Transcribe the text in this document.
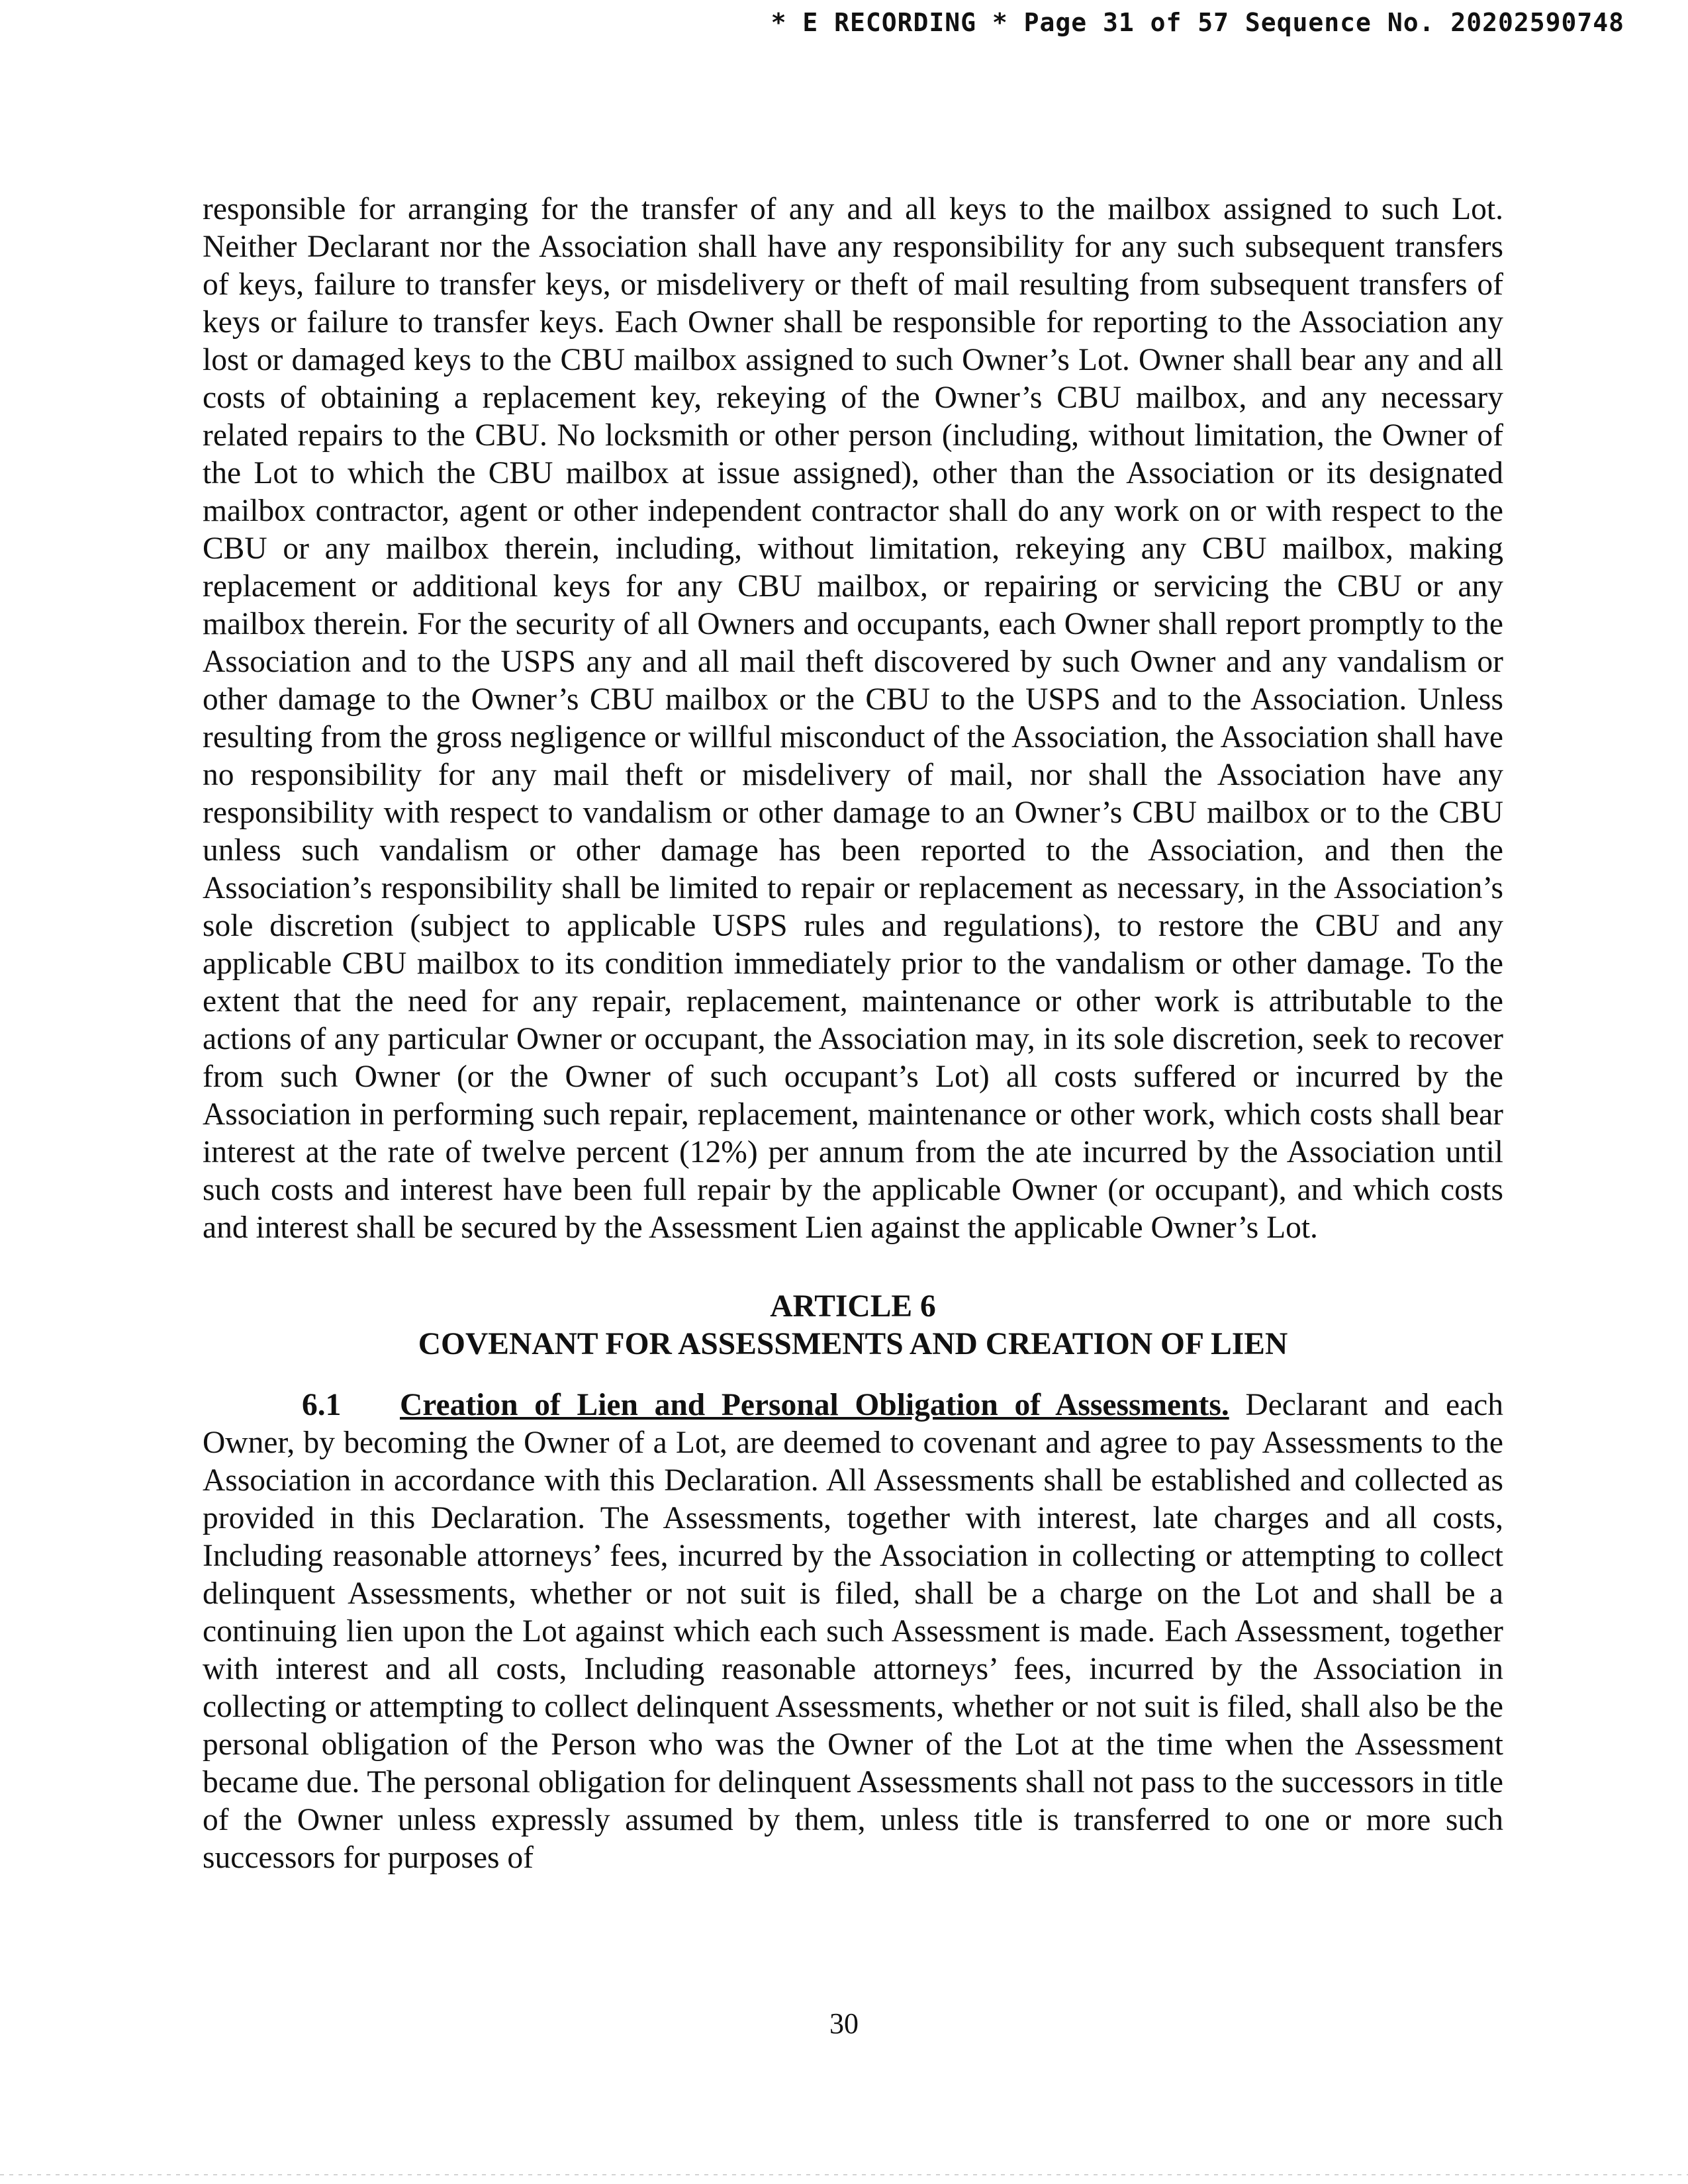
* E RECORDING * Page 31 of 57 Sequence No. 20202590748

responsible for arranging for the transfer of any and all keys to the mailbox assigned to such Lot. Neither Declarant nor the Association shall have any responsibility for any such subsequent transfers of keys, failure to transfer keys, or misdelivery or theft of mail resulting from subsequent transfers of keys or failure to transfer keys. Each Owner shall be responsible for reporting to the Association any lost or damaged keys to the CBU mailbox assigned to such Owner’s Lot. Owner shall bear any and all costs of obtaining a replacement key, rekeying of the Owner’s CBU mailbox, and any necessary related repairs to the CBU. No locksmith or other person (including, without limitation, the Owner of the Lot to which the CBU mailbox at issue assigned), other than the Association or its designated mailbox contractor, agent or other independent contractor shall do any work on or with respect to the CBU or any mailbox therein, including, without limitation, rekeying any CBU mailbox, making replacement or additional keys for any CBU mailbox, or repairing or servicing the CBU or any mailbox therein. For the security of all Owners and occupants, each Owner shall report promptly to the Association and to the USPS any and all mail theft discovered by such Owner and any vandalism or other damage to the Owner’s CBU mailbox or the CBU to the USPS and to the Association. Unless resulting from the gross negligence or willful misconduct of the Association, the Association shall have no responsibility for any mail theft or misdelivery of mail, nor shall the Association have any responsibility with respect to vandalism or other damage to an Owner’s CBU mailbox or to the CBU unless such vandalism or other damage has been reported to the Association, and then the Association’s responsibility shall be limited to repair or replacement as necessary, in the Association’s sole discretion (subject to applicable USPS rules and regulations), to restore the CBU and any applicable CBU mailbox to its condition immediately prior to the vandalism or other damage. To the extent that the need for any repair, replacement, maintenance or other work is attributable to the actions of any particular Owner or occupant, the Association may, in its sole discretion, seek to recover from such Owner (or the Owner of such occupant’s Lot) all costs suffered or incurred by the Association in performing such repair, replacement, maintenance or other work, which costs shall bear interest at the rate of twelve percent (12%) per annum from the ate incurred by the Association until such costs and interest have been full repair by the applicable Owner (or occupant), and which costs and interest shall be secured by the Assessment Lien against the applicable Owner’s Lot.

ARTICLE 6
COVENANT FOR ASSESSMENTS AND CREATION OF LIEN

6.1 Creation of Lien and Personal Obligation of Assessments. Declarant and each Owner, by becoming the Owner of a Lot, are deemed to covenant and agree to pay Assessments to the Association in accordance with this Declaration. All Assessments shall be established and collected as provided in this Declaration. The Assessments, together with interest, late charges and all costs, Including reasonable attorneys’ fees, incurred by the Association in collecting or attempting to collect delinquent Assessments, whether or not suit is filed, shall be a charge on the Lot and shall be a continuing lien upon the Lot against which each such Assessment is made. Each Assessment, together with interest and all costs, Including reasonable attorneys’ fees, incurred by the Association in collecting or attempting to collect delinquent Assessments, whether or not suit is filed, shall also be the personal obligation of the Person who was the Owner of the Lot at the time when the Assessment became due. The personal obligation for delinquent Assessments shall not pass to the successors in title of the Owner unless expressly assumed by them, unless title is transferred to one or more such successors for purposes of

30
